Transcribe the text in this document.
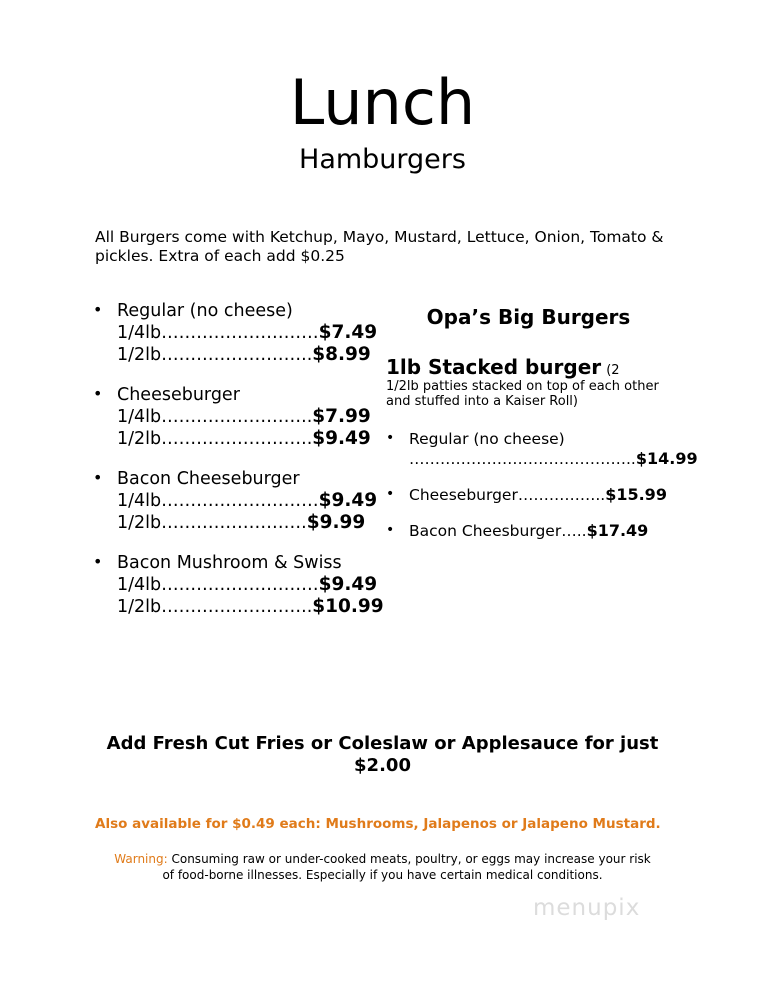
Lunch
Hamburgers
All Burgers come with Ketchup, Mayo, Mustard, Lettuce, Onion, Tomato & pickles. Extra of each add $0.25
• Regular (no cheese)
1/4lb………………………$7.49
1/2lb……………………..$8.99
• Cheeseburger
1/4lb……………………..$7.99
1/2lb……………………..$9.49
• Bacon Cheeseburger
1/4lb………………………$9.49
1/2lb…………………….$9.99
• Bacon Mushroom & Swiss
1/4lb………………………$9.49
1/2lb……………………..$10.99
Opa’s Big Burgers
1lb Stacked burger (2
1/2lb patties stacked on top of each other and stuffed into a Kaiser Roll)
• Regular (no cheese)
……………………………………..$14.99
• Cheeseburger……………..$15.99
• Bacon Cheesburger…..$17.49
Add Fresh Cut Fries or Coleslaw or Applesauce for just
$2.00
Also available for $0.49 each: Mushrooms, Jalapenos or Jalapeno Mustard.
Warning: Consuming raw or under-cooked meats, poultry, or eggs may increase your risk
of food-borne illnesses. Especially if you have certain medical conditions.
menupix
